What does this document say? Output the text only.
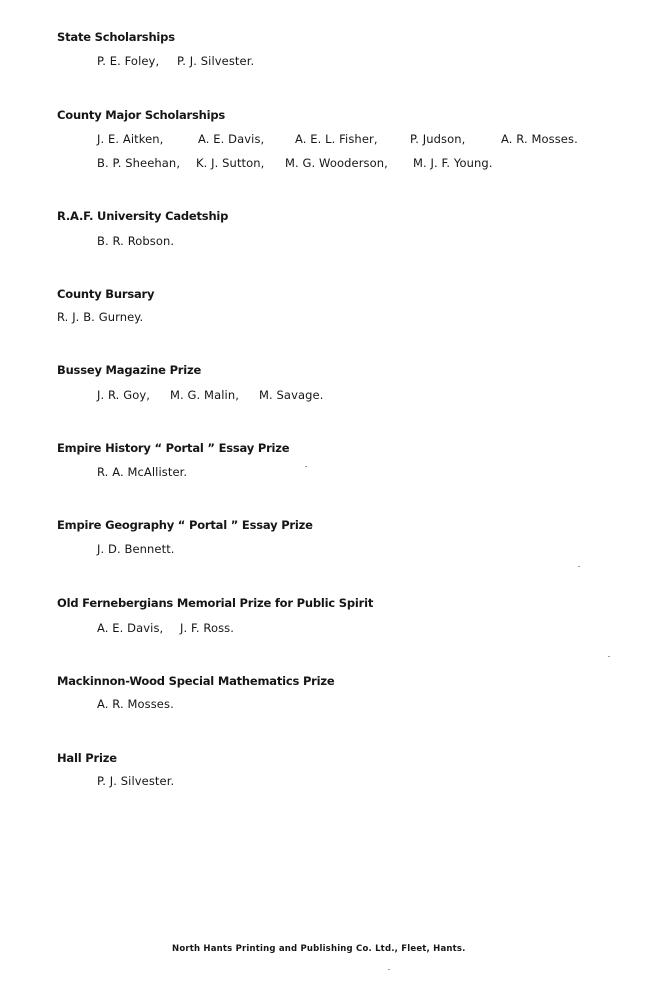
State Scholarships
P. E. Foley, P. J. Silvester.
County Major Scholarships
J. E. Aitken,	A. E. Davis,	A. E. L. Fisher,	P. Judson,	A. R. Mosses.
B. P. Sheehan, K. J. Sutton, M. G. Wooderson, M. J. F. Young.
R.A.F. University Cadetship
B. R. Robson.
County Bursary
R. J. B. Gurney.
Bussey Magazine Prize
J. R. Goy, M. G. Malin, M. Savage.
Empire History “ Portal ” Essay Prize
R. A. McAllister.
Empire Geography “ Portal ” Essay Prize
J. D. Bennett.
Old Fernebergians Memorial Prize for Public Spirit
A. E. Davis, J. F. Ross.
Mackinnon-Wood Special Mathematics Prize
A. R. Mosses.
Hall Prize
P. J. Silvester.
North Hants Printing and Publishing Co. Ltd., Fleet, Hants.
